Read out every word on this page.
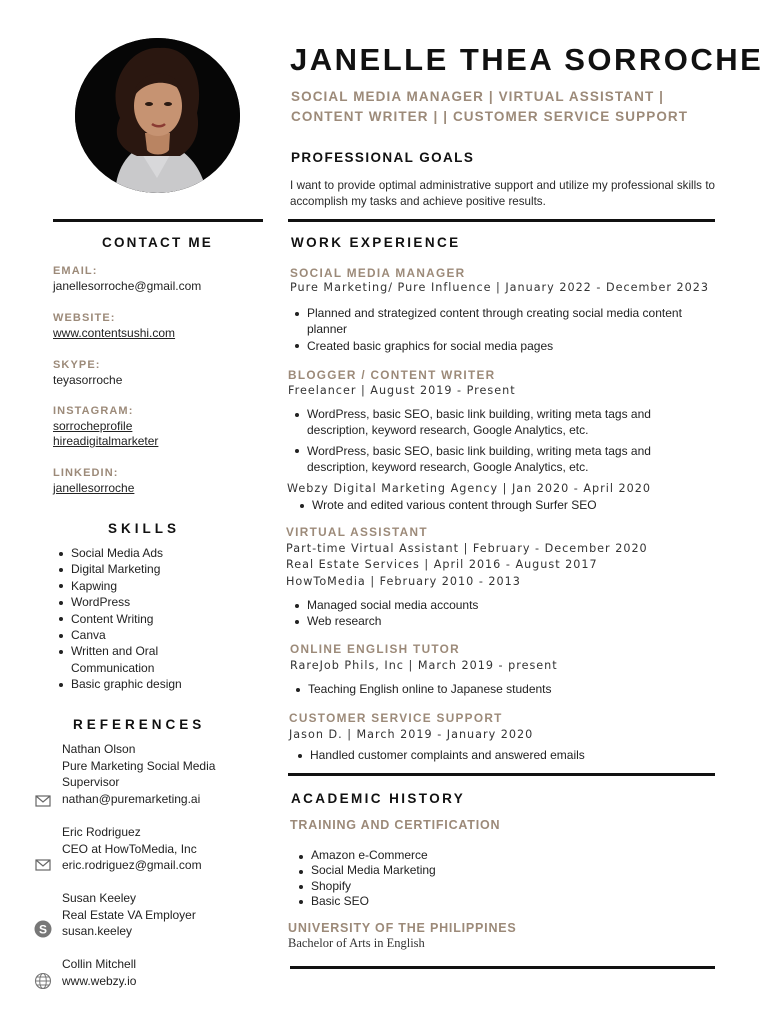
JANELLE THEA SORROCHE
SOCIAL MEDIA MANAGER | VIRTUAL ASSISTANT |
CONTENT WRITER | | CUSTOMER SERVICE SUPPORT
PROFESSIONAL GOALS
I want to provide optimal administrative support and utilize my professional skills to accomplish my tasks and achieve positive results.
CONTACT ME
EMAIL:
janellesorroche@gmail.com
WEBSITE:
www.contentsushi.com
SKYPE:
teyasorroche
INSTAGRAM:
sorrocheprofile
hireadigitalmarketer
LINKEDIN:
janellesorroche
SKILLS
Social Media Ads
Digital Marketing
Kapwing
WordPress
Content Writing
Canva
Written and Oral Communication
Basic graphic design
REFERENCES
Nathan Olson
Pure Marketing Social Media Supervisor
nathan@puremarketing.ai
Eric Rodriguez
CEO at HowToMedia, Inc
eric.rodriguez@gmail.com
Susan Keeley
Real Estate VA Employer
susan.keeley
S
Collin Mitchell
www.webzy.io
WORK EXPERIENCE
SOCIAL MEDIA MANAGER
Pure Marketing/ Pure Influence | January 2022 - December 2023
Planned and strategized content through creating social media content planner
Created basic graphics for social media pages
BLOGGER / CONTENT WRITER
Freelancer | August 2019 - Present
WordPress, basic SEO, basic link building, writing meta tags and description, keyword research, Google Analytics, etc.
WordPress, basic SEO, basic link building, writing meta tags and description, keyword research, Google Analytics, etc.
Webzy Digital Marketing Agency | Jan 2020 - April 2020
Wrote and edited various content through Surfer SEO
VIRTUAL ASSISTANT
Part-time Virtual Assistant | February - December 2020
Real Estate Services | April 2016 - August 2017
HowToMedia | February 2010 - 2013
Managed social media accounts
Web research
ONLINE ENGLISH TUTOR
RareJob Phils, Inc | March 2019 - present
Teaching English online to Japanese students
CUSTOMER SERVICE SUPPORT
Jason D. | March 2019 - January 2020
Handled customer complaints and answered emails
ACADEMIC HISTORY
TRAINING AND CERTIFICATION
Amazon e-Commerce
Social Media Marketing
Shopify
Basic SEO
UNIVERSITY OF THE PHILIPPINES
Bachelor of Arts in English
